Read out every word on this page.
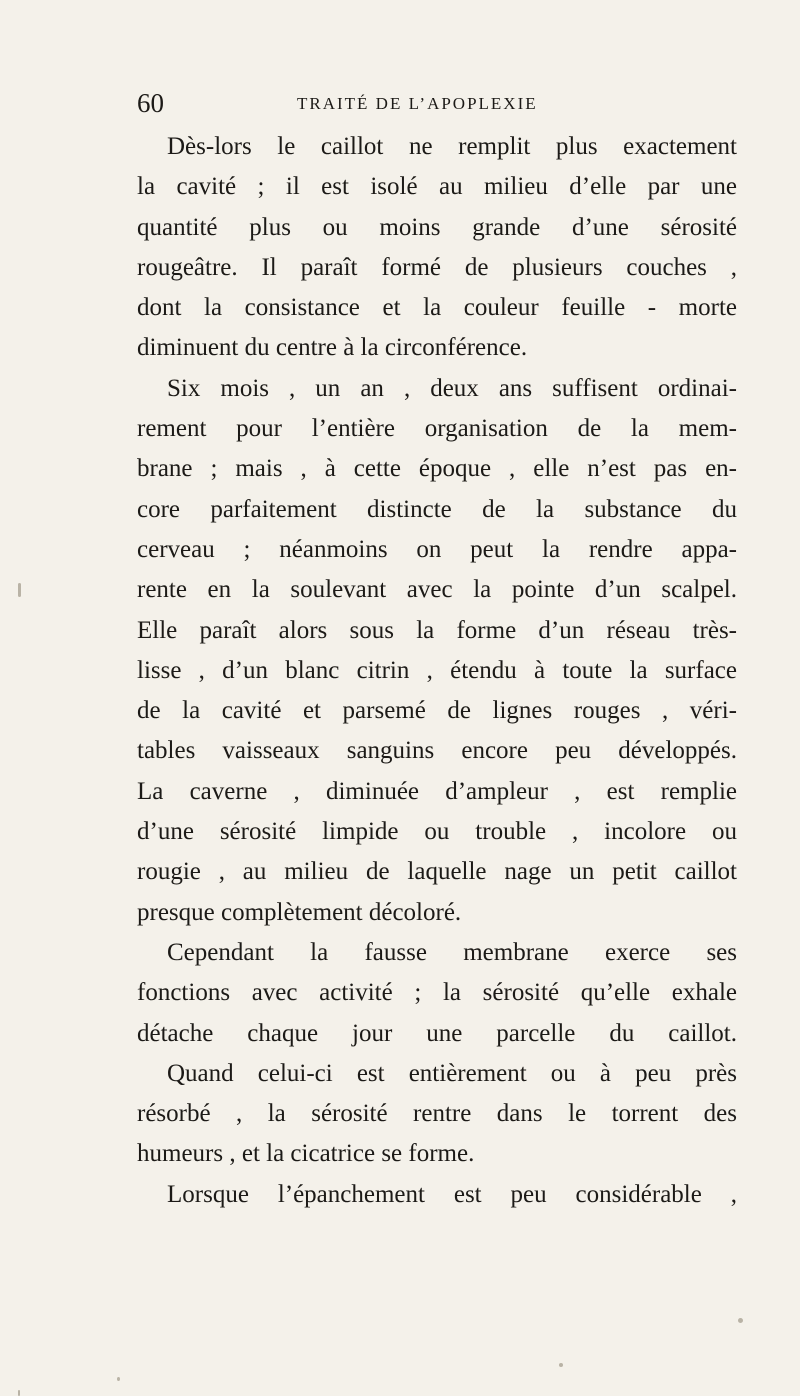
60	TRAITÉ DE L’APOPLEXIE
Dès-lors le caillot ne remplit plus exactement
la cavité ; il est isolé au milieu d’elle par une
quantité plus ou moins grande d’une sérosité
rougeâtre. Il paraît formé de plusieurs couches ,
dont la consistance et la couleur feuille - morte
diminuent du centre à la circonférence.
Six mois , un an , deux ans suffisent ordinai-
rement pour l’entière organisation de la mem-
brane ; mais , à cette époque , elle n’est pas en-
core parfaitement distincte de la substance du
cerveau ; néanmoins on peut la rendre appa-
rente en la soulevant avec la pointe d’un scalpel.
Elle paraît alors sous la forme d’un réseau très-
lisse , d’un blanc citrin , étendu à toute la surface
de la cavité et parsemé de lignes rouges , véri-
tables vaisseaux sanguins encore peu développés.
La caverne , diminuée d’ampleur , est remplie
d’une sérosité limpide ou trouble , incolore ou
rougie , au milieu de laquelle nage un petit caillot
presque complètement décoloré.
Cependant la fausse membrane exerce ses
fonctions avec activité ; la sérosité qu’elle exhale
détache chaque jour une parcelle du caillot.
Quand celui-ci est entièrement ou à peu près
résorbé , la sérosité rentre dans le torrent des
humeurs , et la cicatrice se forme.
Lorsque l’épanchement est peu considérable ,
